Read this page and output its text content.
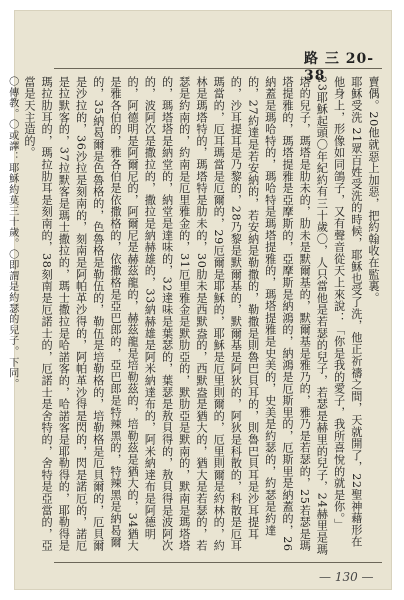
路 三 20-38	賣偶。20他就惡上加惡，把約翰收在監裏。

耶穌受洗 21眾百姓受洗的時候，耶穌也受了洗，他正祈禱之間，天就開了，22聖神藉形在他身上，形像如同鴿子，又有聲音從天上來說：「你是我的愛子，我所喜悅的就是你。」

23耶穌起頭〇年紀約有三十歲〇，人只當他是若瑟的兒子，若瑟是赫里的兒子，24赫里是瑪塔的兒子，瑪塔是肋未的，肋未是默爾基的，默爾基是雅乃的，雅乃是若瑟的，25若瑟是瑪塔提雅的，瑪塔提雅是亞摩斯的，亞摩斯是納鴻的，納鴻是厄斯里的，厄斯里是納蓋的，26納蓋是瑪哈特的，瑪哈特是瑪塔提雅的，瑪塔提雅是史美的，史美是約瑟的，約瑟是約達的，27約達是若安納的，若安納是勒撒的，勒撒是則魯巴貝耳的，則魯巴貝耳是沙耳提耳的，沙耳提耳是乃黎的，28乃黎是默爾基的，默爾基是阿狄的，阿狄是科散的，科散是厄耳瑪當的，厄耳瑪當是厄爾的，29厄爾是耶穌的，耶穌是厄里則爾的，厄里則爾是約林的，約林是瑪塔特的，瑪塔特是肋未的，30肋未是西默盎的，西默盎是猶大的，猶大是若瑟的，若瑟是約南的，約南是厄里雅金的，31厄里雅金是默肋亞的，默肋亞是默南的，默南是瑪塔塔的，瑪塔塔是納堂的，納堂是達味的，32達味是葉瑟的，葉瑟是敖貝得的，敖貝得是波阿次的，波阿次是撒拉的，撒拉是納赫雄的，33納赫雄是阿米納達布的，阿米納達布是阿德明的，阿德明是阿爾尼的，阿爾尼是赫茲龍的，赫茲龍是培勒茲的，培勒茲是猶大的，34猶大是雅各伯的，雅各伯是依撒格的，依撒格是亞巴郎的，亞巴郎是特辣黑的，特辣黑是納曷爾的，35納曷爾是色魯格的，色魯格是勒伍的，勒伍是培勒格的，培勒格是厄貝爾的，厄貝爾是沙拉的，36沙拉是刻南的，刻南是阿帕革沙得的，阿帕革沙得是閃的，閃是諾厄的，諾厄是拉默客的，37拉默客是瑪士撒拉的，瑪士撒拉是哈諾客的，哈諾客是耶勒得的，耶勒得是瑪拉肋耳的，瑪拉肋耳是刻南的，38刻南是厄諾士的，厄諾士是舍特的，舍特是亞當的，亞當是天主造的。

〇傳教。〇或譯：耶穌約莫三十歲。〇即謂是約瑟的兒子。下同。

— 130 —
